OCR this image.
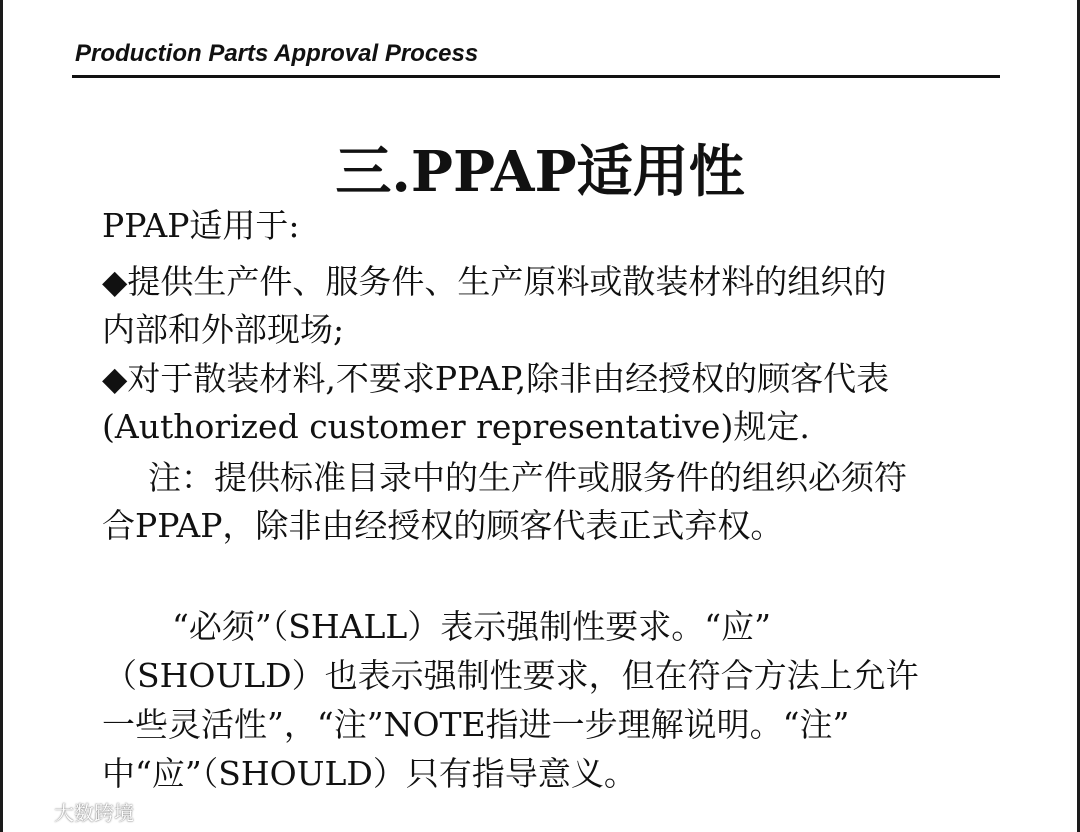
Production Parts Approval Process
三.PPAP适用性
PPAP适用于:
◆提供生产件、服务件、生产原料或散装材料的组织的
内部和外部现场;
◆对于散装材料,不要求PPAP,除非由经授权的顾客代表
(Authorized customer representative)规定.
注：提供标准目录中的生产件或服务件的组织必须符
合PPAP，除非由经授权的顾客代表正式弃权。
“必须”（SHALL）表示强制性要求。“应”
（SHOULD）也表示强制性要求，但在符合方法上允许
一些灵活性”，“注”NOTE指进一步理解说明。“注”
中“应”（SHOULD）只有指导意义。
大数跨境
